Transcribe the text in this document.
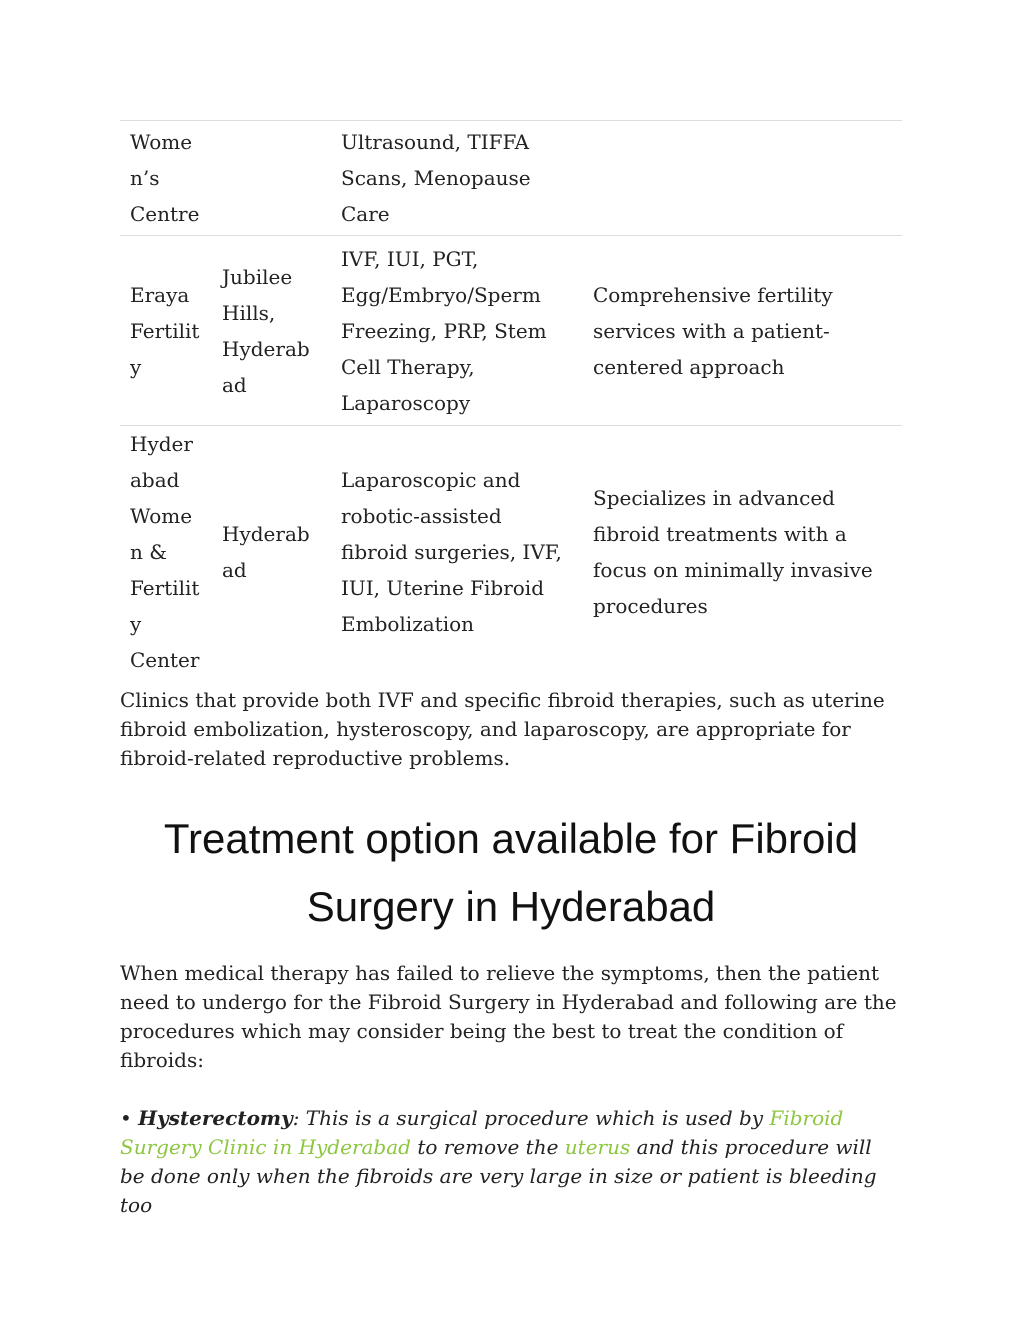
Women’s Centre		Ultrasound, TIFFA Scans, Menopause Care	
Eraya Fertility	Jubilee Hills, Hyderabad	IVF, IUI, PGT, Egg/Embryo/Sperm Freezing, PRP, Stem Cell Therapy, Laparoscopy	Comprehensive fertility services with a patient-centered approach
Hyderabad Women & Fertility Center	Hyderabad	Laparoscopic and robotic-assisted fibroid surgeries, IVF, IUI, Uterine Fibroid Embolization	Specializes in advanced fibroid treatments with a focus on minimally invasive procedures

Clinics that provide both IVF and specific fibroid therapies, such as uterine fibroid embolization, hysteroscopy, and laparoscopy, are appropriate for fibroid-related reproductive problems.

Treatment option available for Fibroid Surgery in Hyderabad

When medical therapy has failed to relieve the symptoms, then the patient need to undergo for the Fibroid Surgery in Hyderabad and following are the procedures which may consider being the best to treat the condition of fibroids:

• Hysterectomy: This is a surgical procedure which is used by Fibroid Surgery Clinic in Hyderabad to remove the uterus and this procedure will be done only when the fibroids are very large in size or patient is bleeding too
